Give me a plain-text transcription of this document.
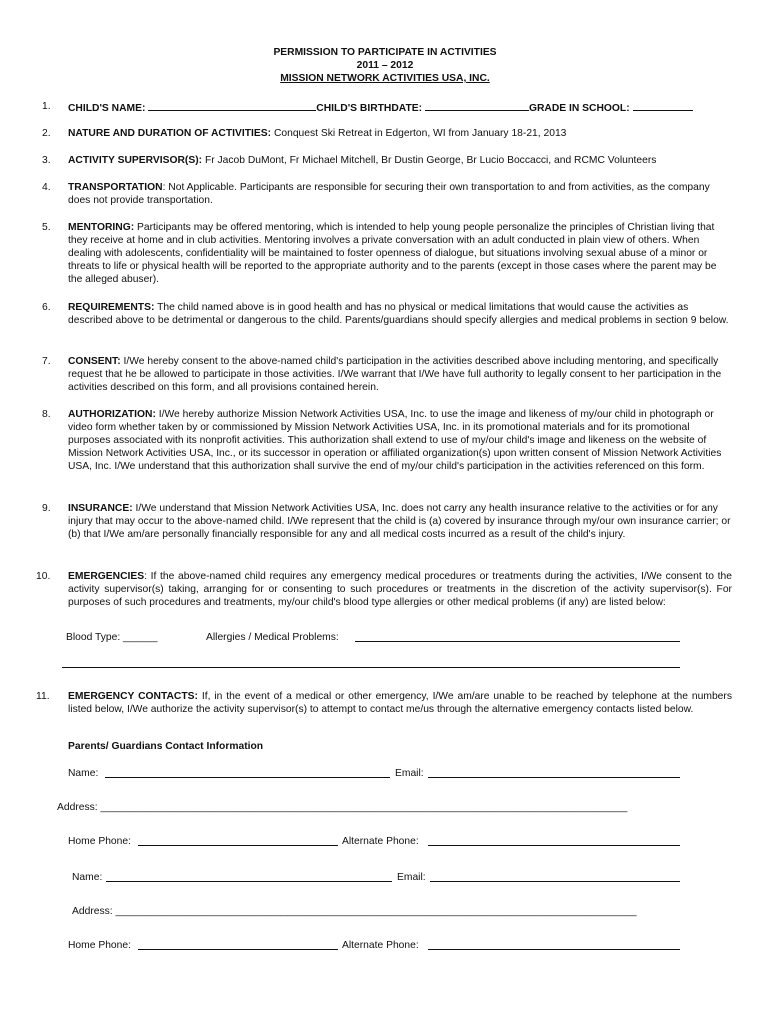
PERMISSION TO PARTICIPATE IN ACTIVITIES
2011 – 2012
MISSION NETWORK ACTIVITIES USA, INC.
1.	CHILD'S NAME:	CHILD'S BIRTHDATE:	GRADE IN SCHOOL:
2.	NATURE AND DURATION OF ACTIVITIES: Conquest Ski Retreat in Edgerton, WI from January 18-21, 2013
3.	ACTIVITY SUPERVISOR(S): Fr Jacob DuMont, Fr Michael Mitchell, Br Dustin George, Br Lucio Boccacci, and RCMC Volunteers
4.	TRANSPORTATION: Not Applicable. Participants are responsible for securing their own transportation to and from activities, as the company does not provide transportation.
5.	MENTORING: Participants may be offered mentoring, which is intended to help young people personalize the principles of Christian living that they receive at home and in club activities. Mentoring involves a private conversation with an adult conducted in plain view of others. When dealing with adolescents, confidentiality will be maintained to foster openness of dialogue, but situations involving sexual abuse of a minor or threats to life or physical health will be reported to the appropriate authority and to the parents (except in those cases where the parent may be the alleged abuser).
6.	REQUIREMENTS: The child named above is in good health and has no physical or medical limitations that would cause the activities as described above to be detrimental or dangerous to the child. Parents/guardians should specify allergies and medical problems in section 9 below.
7.	CONSENT: I/We hereby consent to the above-named child's participation in the activities described above including mentoring, and specifically request that he be allowed to participate in those activities. I/We warrant that I/We have full authority to legally consent to her participation in the activities described on this form, and all provisions contained herein.
8.	AUTHORIZATION: I/We hereby authorize Mission Network Activities USA, Inc. to use the image and likeness of my/our child in photograph or video form whether taken by or commissioned by Mission Network Activities USA, Inc. in its promotional materials and for its promotional purposes associated with its nonprofit activities. This authorization shall extend to use of my/our child's image and likeness on the website of Mission Network Activities USA, Inc., or its successor in operation or affiliated organization(s) upon written consent of Mission Network Activities USA, Inc. I/We understand that this authorization shall survive the end of my/our child's participation in the activities referenced on this form.
9.	INSURANCE: I/We understand that Mission Network Activities USA, Inc. does not carry any health insurance relative to the activities or for any injury that may occur to the above-named child. I/We represent that the child is (a) covered by insurance through my/our own insurance carrier; or (b) that I/We am/are personally financially responsible for any and all medical costs incurred as a result of the child's injury.
10.	EMERGENCIES: If the above-named child requires any emergency medical procedures or treatments during the activities, I/We consent to the activity supervisor(s) taking, arranging for or consenting to such procedures or treatments in the discretion of the activity supervisor(s). For purposes of such procedures and treatments, my/our child's blood type allergies or other medical problems (if any) are listed below:
Blood Type: ______	Allergies / Medical Problems:
11.	EMERGENCY CONTACTS: If, in the event of a medical or other emergency, I/We am/are unable to be reached by telephone at the numbers listed below, I/We authorize the activity supervisor(s) to attempt to contact me/us through the alternative emergency contacts listed below.
Parents/ Guardians Contact Information
Name:	Email:
Address: ____________________________________________________________________________________________
Home Phone:	Alternate Phone:
Name:	Email:
Address: ___________________________________________________________________________________________
Home Phone:	Alternate Phone:
